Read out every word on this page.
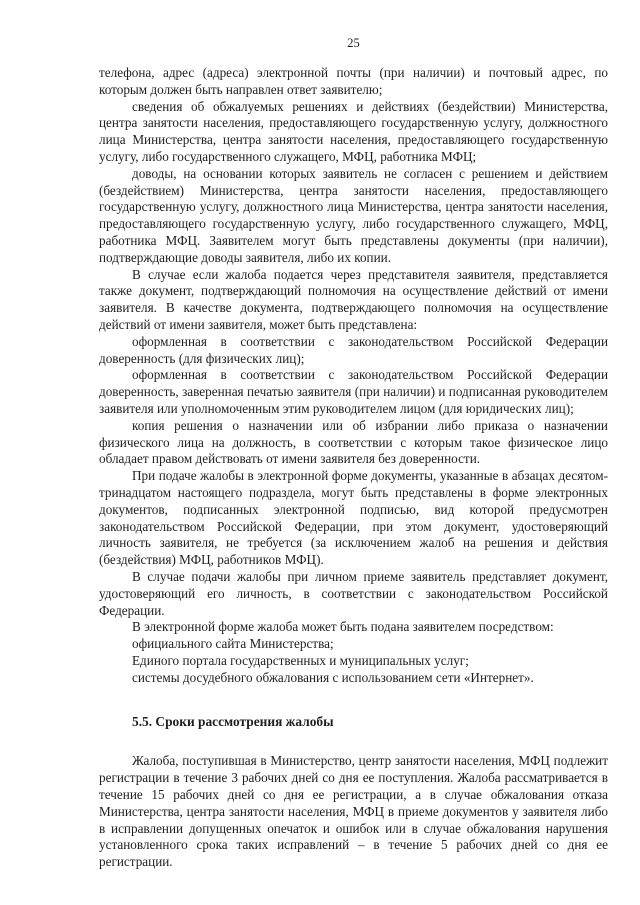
25

телефона, адрес (адреса) электронной почты (при наличии) и почтовый адрес, по которым должен быть направлен ответ заявителю;

сведения об обжалуемых решениях и действиях (бездействии) Министерства, центра занятости населения, предоставляющего государственную услугу, должностного лица Министерства, центра занятости населения, предоставляющего государственную услугу, либо государственного служащего, МФЦ, работника МФЦ;

доводы, на основании которых заявитель не согласен с решением и действием (бездействием) Министерства, центра занятости населения, предоставляющего государственную услугу, должностного лица Министерства, центра занятости населения, предоставляющего государственную услугу, либо государственного служащего, МФЦ, работника МФЦ. Заявителем могут быть представлены документы (при наличии), подтверждающие доводы заявителя, либо их копии.

В случае если жалоба подается через представителя заявителя, представляется также документ, подтверждающий полномочия на осуществление действий от имени заявителя. В качестве документа, подтверждающего полномочия на осуществление действий от имени заявителя, может быть представлена:

оформленная в соответствии с законодательством Российской Федерации доверенность (для физических лиц);

оформленная в соответствии с законодательством Российской Федерации доверенность, заверенная печатью заявителя (при наличии) и подписанная руководителем заявителя или уполномоченным этим руководителем лицом (для юридических лиц);

копия решения о назначении или об избрании либо приказа о назначении физического лица на должность, в соответствии с которым такое физическое лицо обладает правом действовать от имени заявителя без доверенности.

При подаче жалобы в электронной форме документы, указанные в абзацах десятом-тринадцатом настоящего подраздела, могут быть представлены в форме электронных документов, подписанных электронной подписью, вид которой предусмотрен законодательством Российской Федерации, при этом документ, удостоверяющий личность заявителя, не требуется (за исключением жалоб на решения и действия (бездействия) МФЦ, работников МФЦ).

В случае подачи жалобы при личном приеме заявитель представляет документ, удостоверяющий его личность, в соответствии с законодательством Российской Федерации.

В электронной форме жалоба может быть подана заявителем посредством:

официального сайта Министерства;

Единого портала государственных и муниципальных услуг;

системы досудебного обжалования с использованием сети «Интернет».

5.5. Сроки рассмотрения жалобы

Жалоба, поступившая в Министерство, центр занятости населения, МФЦ подлежит регистрации в течение 3 рабочих дней со дня ее поступления. Жалоба рассматривается в течение 15 рабочих дней со дня ее регистрации, а в случае обжалования отказа Министерства, центра занятости населения, МФЦ в приеме документов у заявителя либо в исправлении допущенных опечаток и ошибок или в случае обжалования нарушения установленного срока таких исправлений – в течение 5 рабочих дней со дня ее регистрации.
